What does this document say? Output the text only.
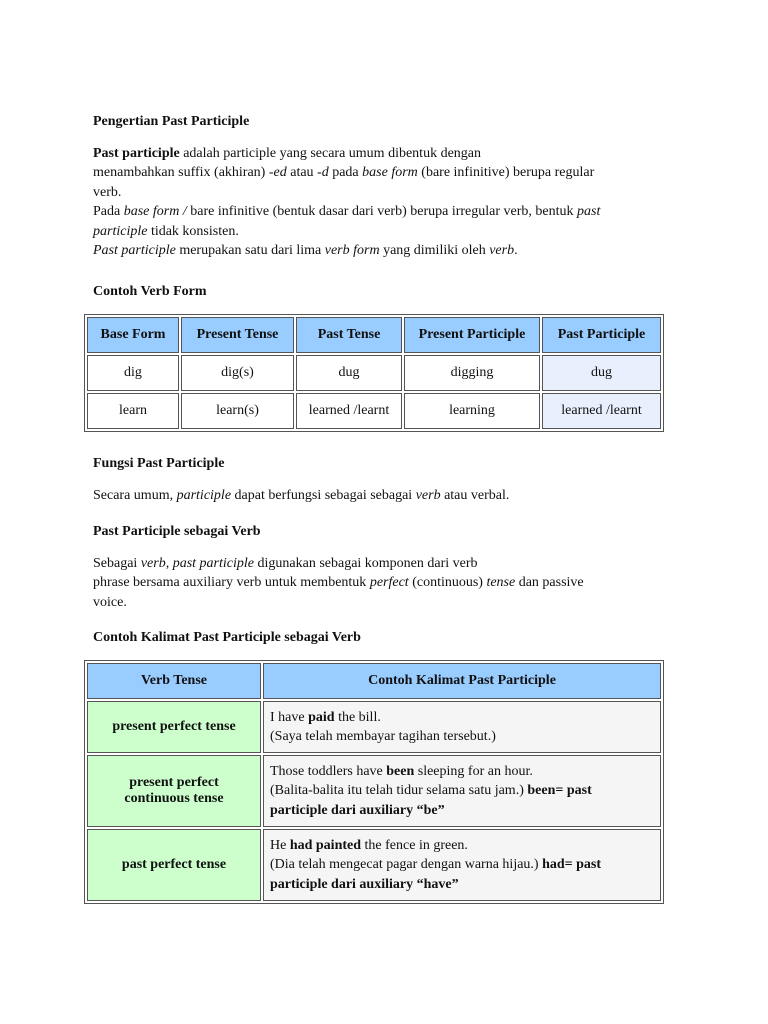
Pengertian Past Participle

Past participle adalah participle yang secara umum dibentuk dengan

menambahkan suffix (akhiran) -ed atau -d pada base form (bare infinitive) berupa regular

verb.

Pada base form / bare infinitive (bentuk dasar dari verb) berupa irregular verb, bentuk past

participle tidak konsisten.

Past participle merupakan satu dari lima verb form yang dimiliki oleh verb.

Contoh Verb Form
Base Form	Present Tense	Past Tense	Present Participle	Past Participle
dig	dig(s)	dug	digging	dug
learn	learn(s)	learned /learnt	learning	learned /learnt
Fungsi Past Participle

Secara umum, participle dapat berfungsi sebagai sebagai verb atau verbal.

Past Participle sebagai Verb

Sebagai verb, past participle digunakan sebagai komponen dari verb

phrase bersama auxiliary verb untuk membentuk perfect (continuous) tense dan passive

voice.

Contoh Kalimat Past Participle sebagai Verb
Verb Tense	Contoh Kalimat Past Participle
present perfect tense	I have paid the bill.
(Saya telah membayar tagihan tersebut.)
present perfect
continuous tense	Those toddlers have been sleeping for an hour.
(Balita-balita itu telah tidur selama satu jam.) been= past
participle dari auxiliary “be”
past perfect tense	He had painted the fence in green.
(Dia telah mengecat pagar dengan warna hijau.) had= past
participle dari auxiliary “have”
